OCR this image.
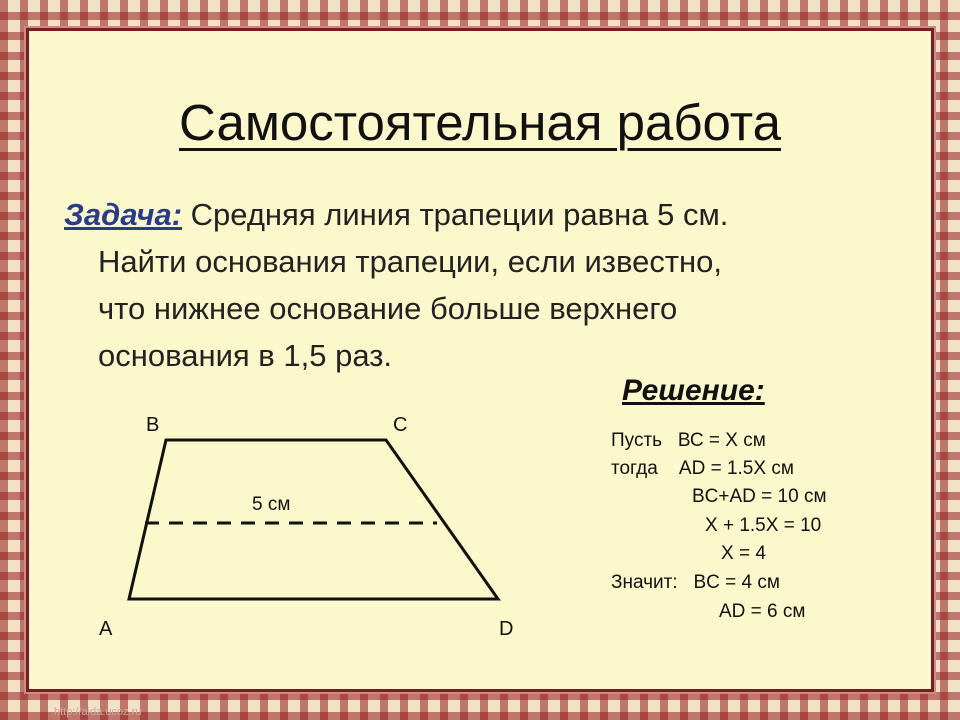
Самостоятельная работа
Задача: Средняя линия трапеции равна 5 см.
Найти основания трапеции, если известно,
что нижнее основание больше верхнего
основания в 1,5 раз.
B	C
A	D
5 см
Решение:
Пусть   ВС = Х см
тогда    AD = 1.5X см
BC+AD = 10 см
X + 1.5X = 10
X = 4
Значит:   BC = 4 см
AD = 6 см
http://aida.ucoz.ru
